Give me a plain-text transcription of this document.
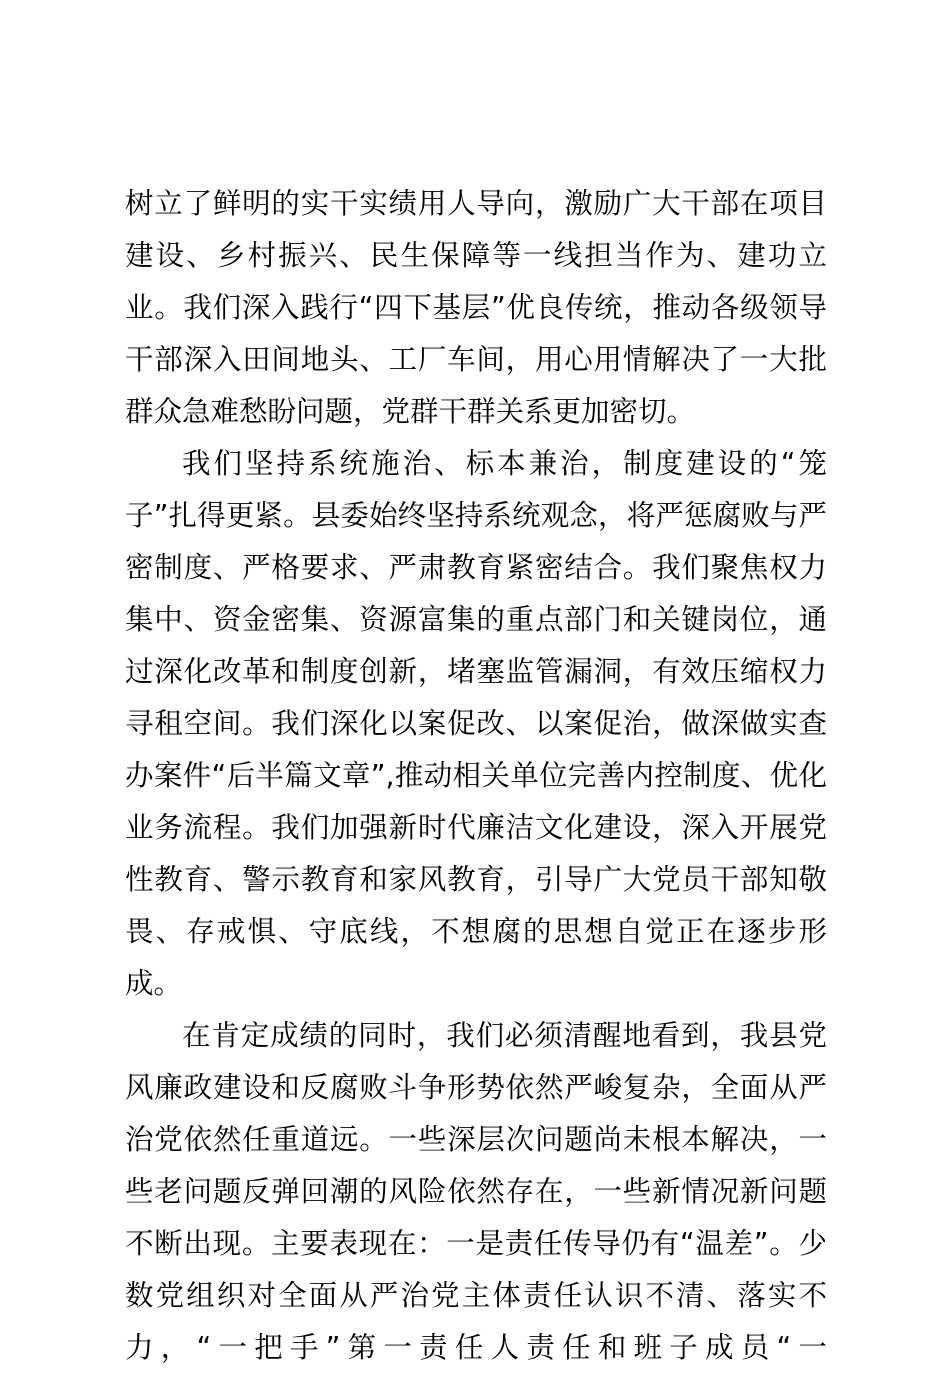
树立了鲜明的实干实绩用人导向，激励广大干部在项目建设、乡村振兴、民生保障等一线担当作为、建功立业。我们深入践行“四下基层”优良传统，推动各级领导干部深入田间地头、工厂车间，用心用情解决了一大批群众急难愁盼问题，党群干群关系更加密切。

我们坚持系统施治、标本兼治，制度建设的“笼子”扎得更紧。县委始终坚持系统观念，将严惩腐败与严密制度、严格要求、严肃教育紧密结合。我们聚焦权力集中、资金密集、资源富集的重点部门和关键岗位，通过深化改革和制度创新，堵塞监管漏洞，有效压缩权力寻租空间。我们深化以案促改、以案促治，做深做实查办案件“后半篇文章”,推动相关单位完善内控制度、优化业务流程。我们加强新时代廉洁文化建设，深入开展党性教育、警示教育和家风教育，引导广大党员干部知敬畏、存戒惧、守底线，不想腐的思想自觉正在逐步形成。

在肯定成绩的同时，我们必须清醒地看到，我县党风廉政建设和反腐败斗争形势依然严峻复杂，全面从严治党依然任重道远。一些深层次问题尚未根本解决，一些老问题反弹回潮的风险依然存在，一些新情况新问题不断出现。主要表现在：一是责任传导仍有“温差”。少数党组织对全面从严治党主体责任认识不清、落实不力，“一把手”第一责任人责任和班子成员“一
